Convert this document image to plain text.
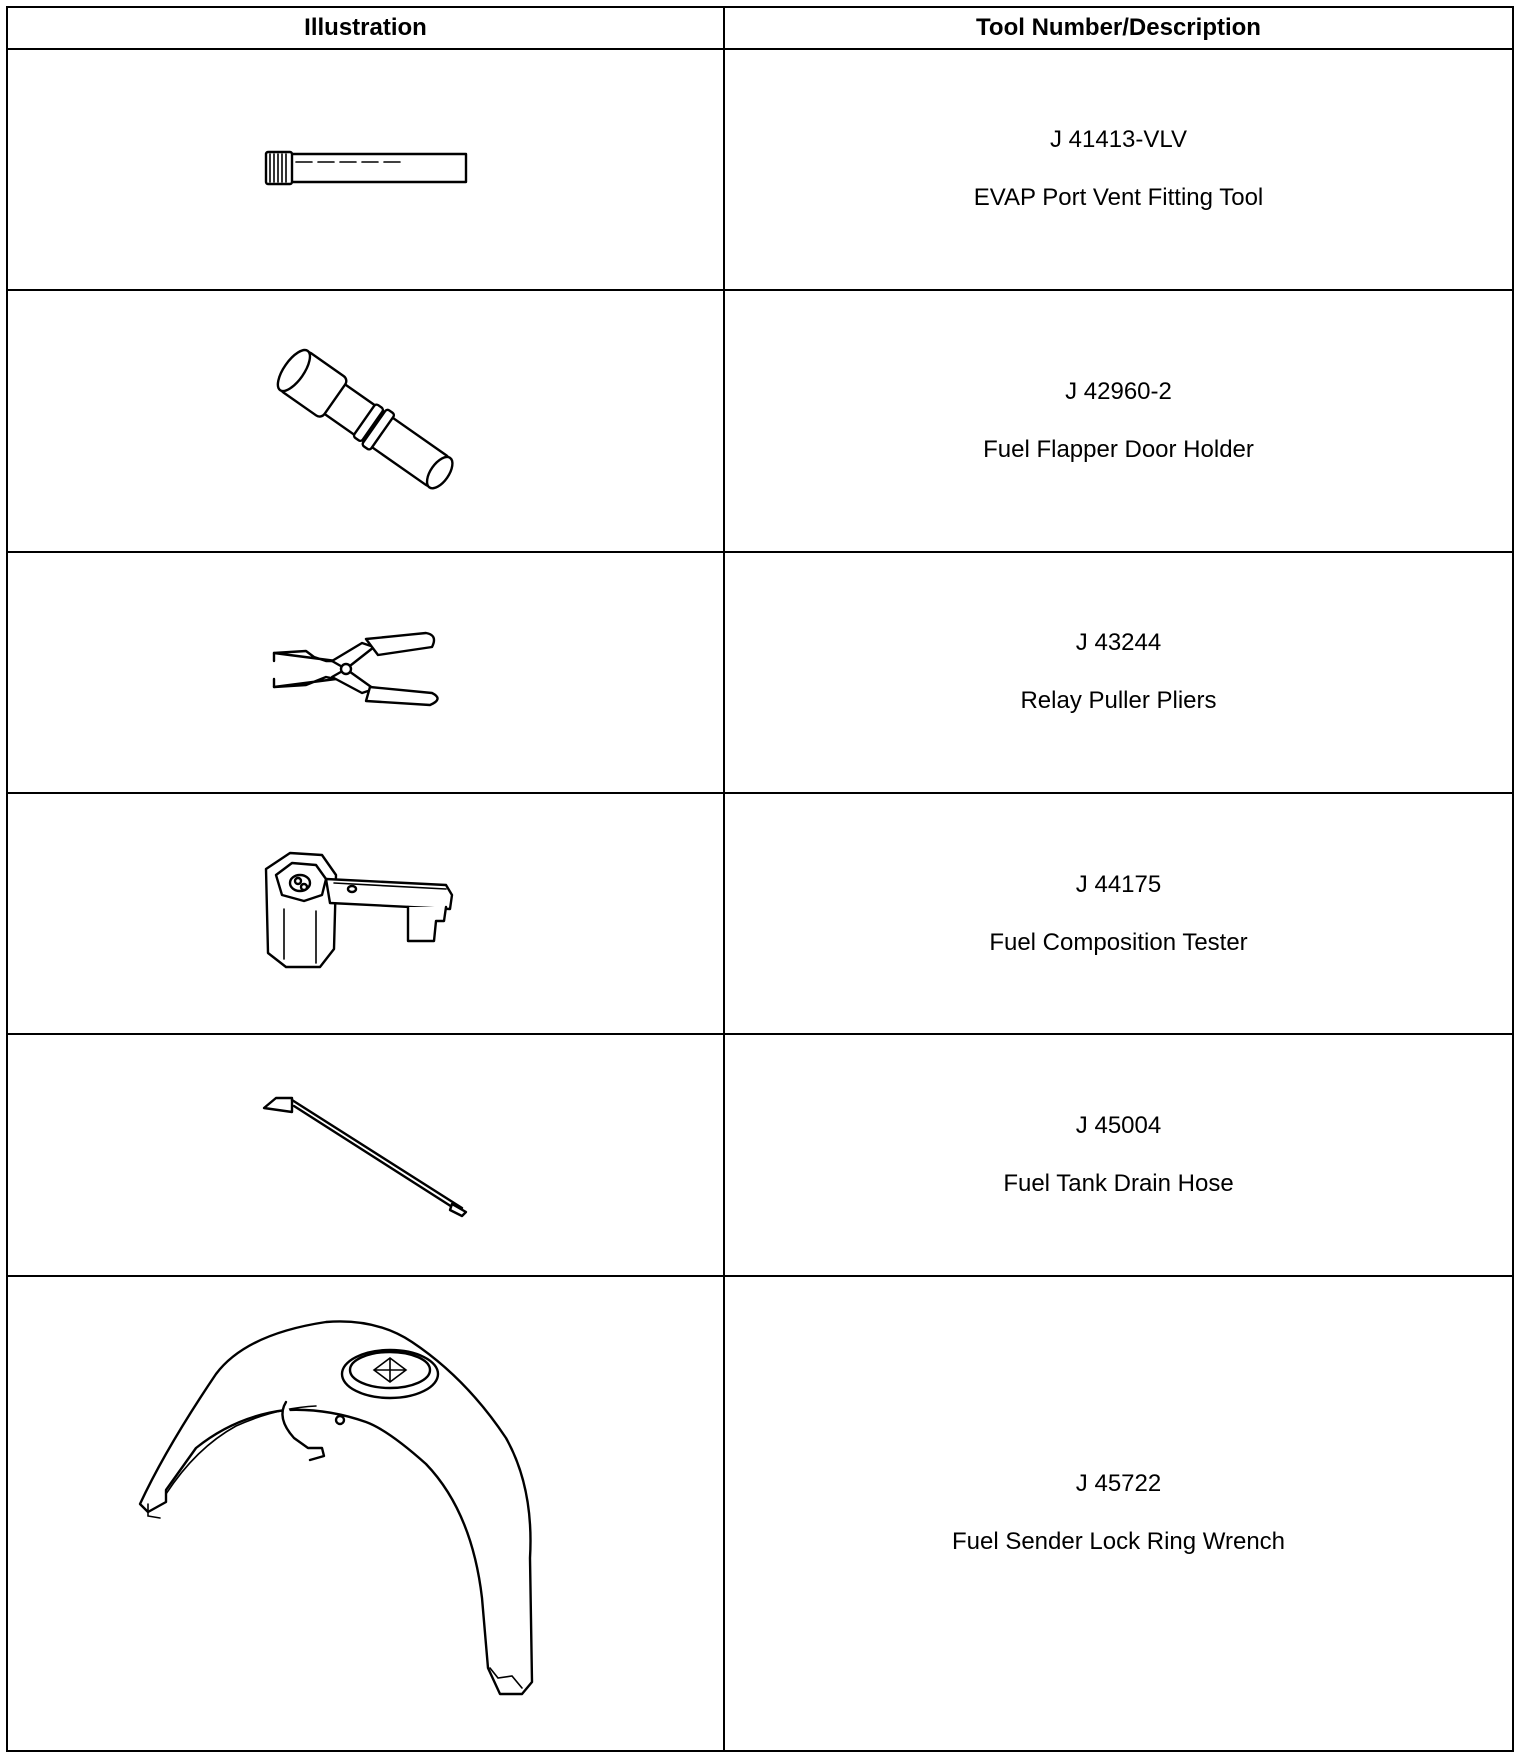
Illustration	Tool Number/Description

J 41413-VLV
EVAP Port Vent Fitting Tool

J 42960-2
Fuel Flapper Door Holder

J 43244
Relay Puller Pliers

J 44175
Fuel Composition Tester

J 45004
Fuel Tank Drain Hose

J 45722
Fuel Sender Lock Ring Wrench
